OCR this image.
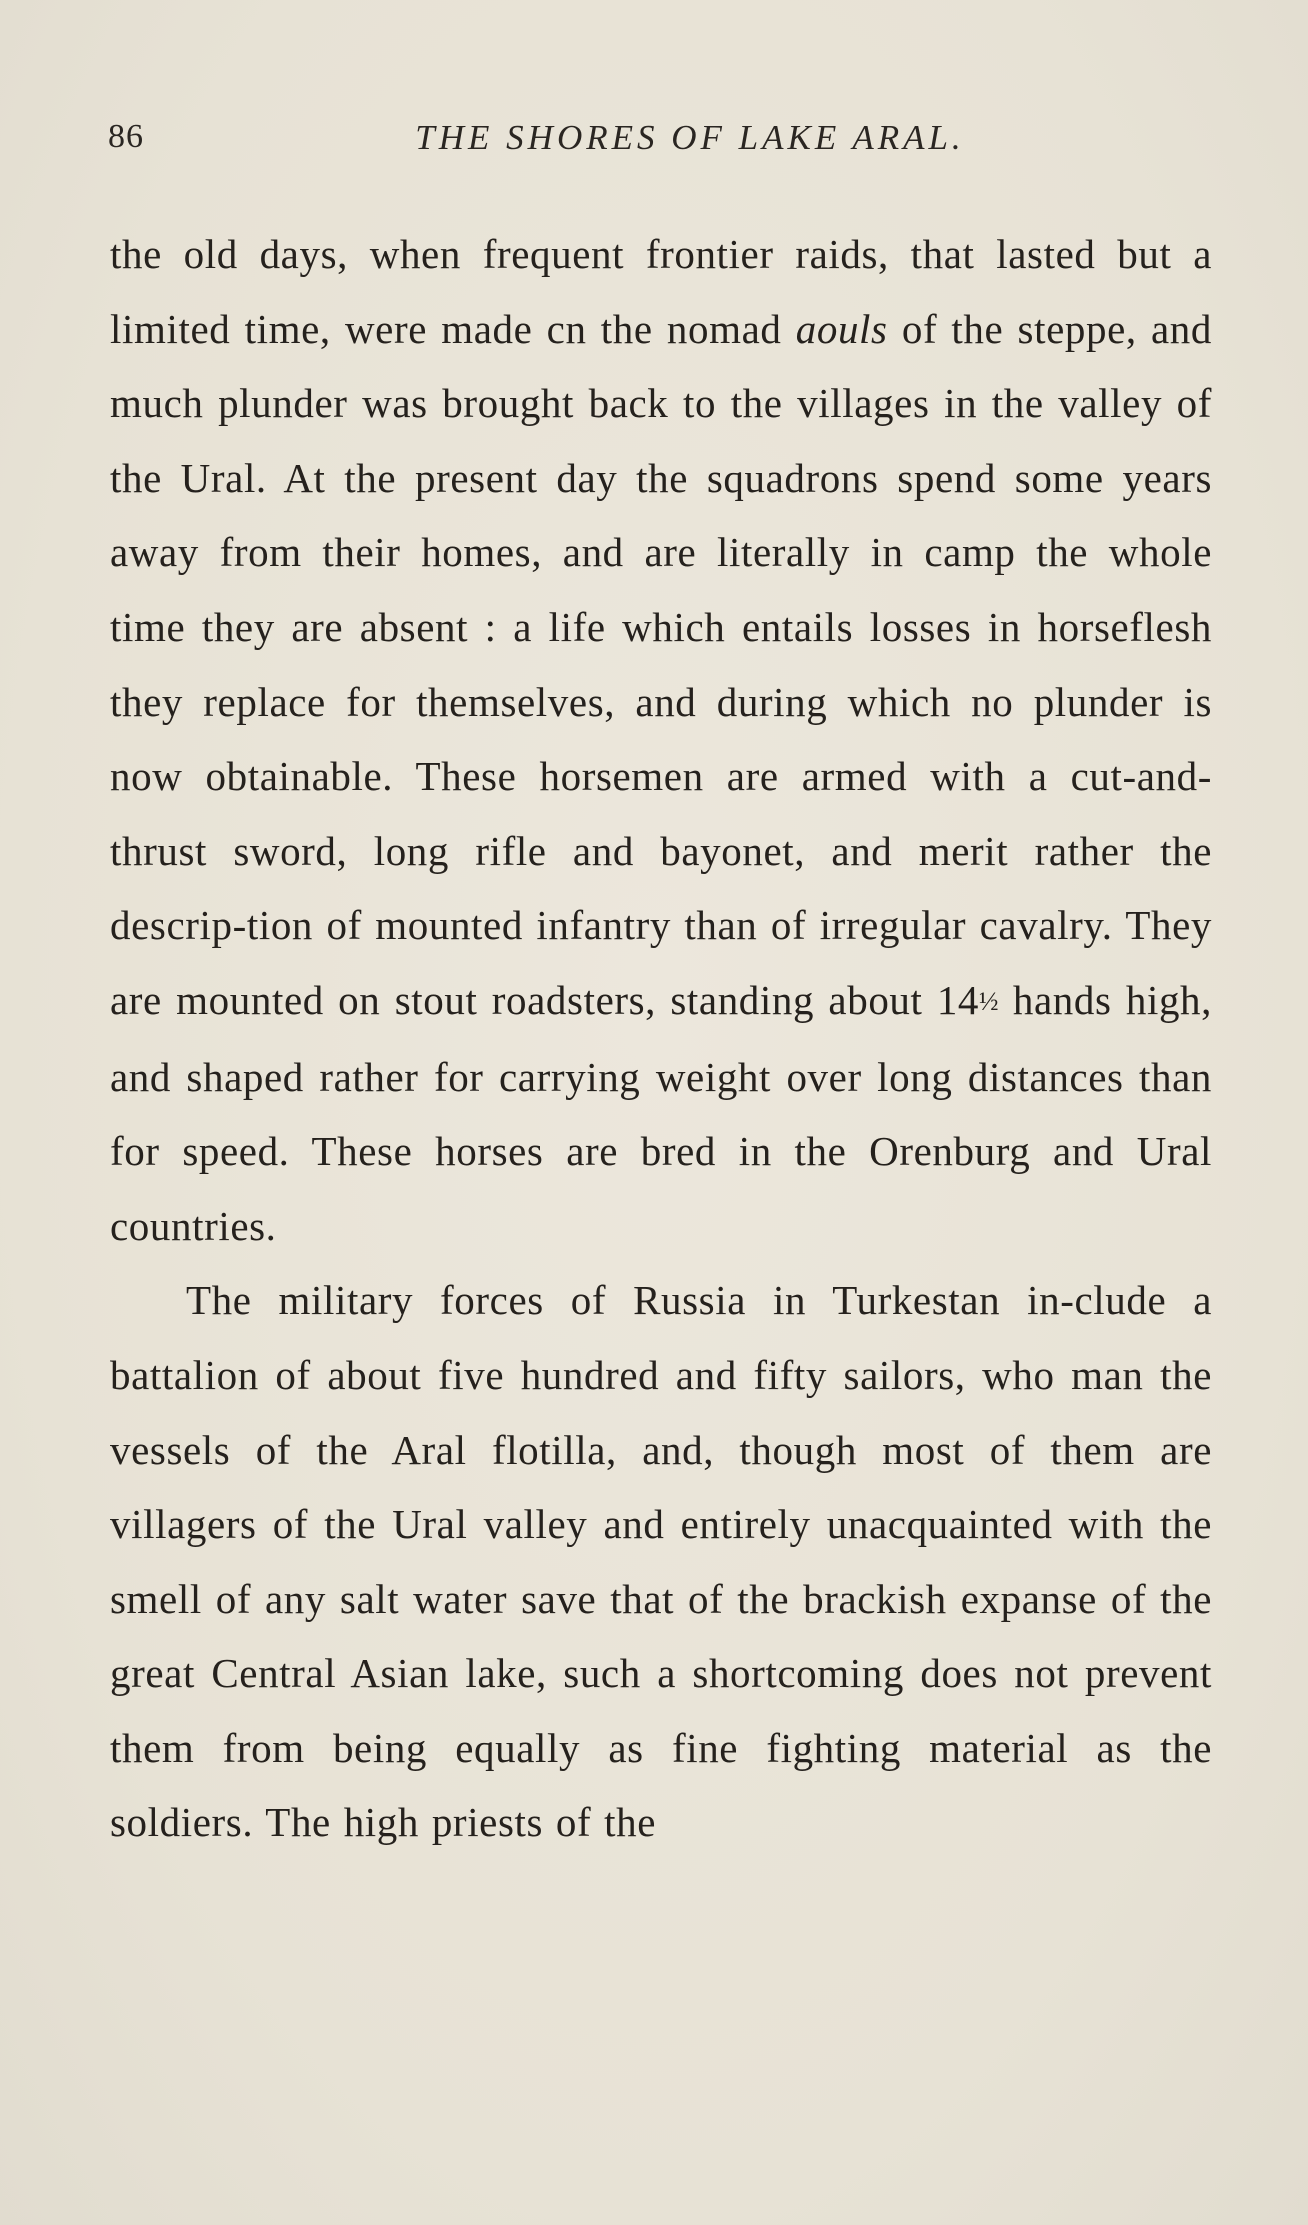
86	THE SHORES OF LAKE ARAL.

the old days, when frequent frontier raids, that lasted but a limited time, were made cn the nomad aouls of the steppe, and much plunder was brought back to the villages in the valley of the Ural. At the present day the squadrons spend some years away from their homes, and are literally in camp the whole time they are absent : a life which entails losses in horseflesh they replace for themselves, and during which no plunder is now obtainable. These horsemen are armed with a cut-and-thrust sword, long rifle and bayonet, and merit rather the descrip-tion of mounted infantry than of irregular cavalry. They are mounted on stout roadsters, standing about 14½ hands high, and shaped rather for carrying weight over long distances than for speed. These horses are bred in the Orenburg and Ural countries.

The military forces of Russia in Turkestan in-clude a battalion of about five hundred and fifty sailors, who man the vessels of the Aral flotilla, and, though most of them are villagers of the Ural valley and entirely unacquainted with the smell of any salt water save that of the brackish expanse of the great Central Asian lake, such a shortcoming does not prevent them from being equally as fine fighting material as the soldiers. The high priests of the
